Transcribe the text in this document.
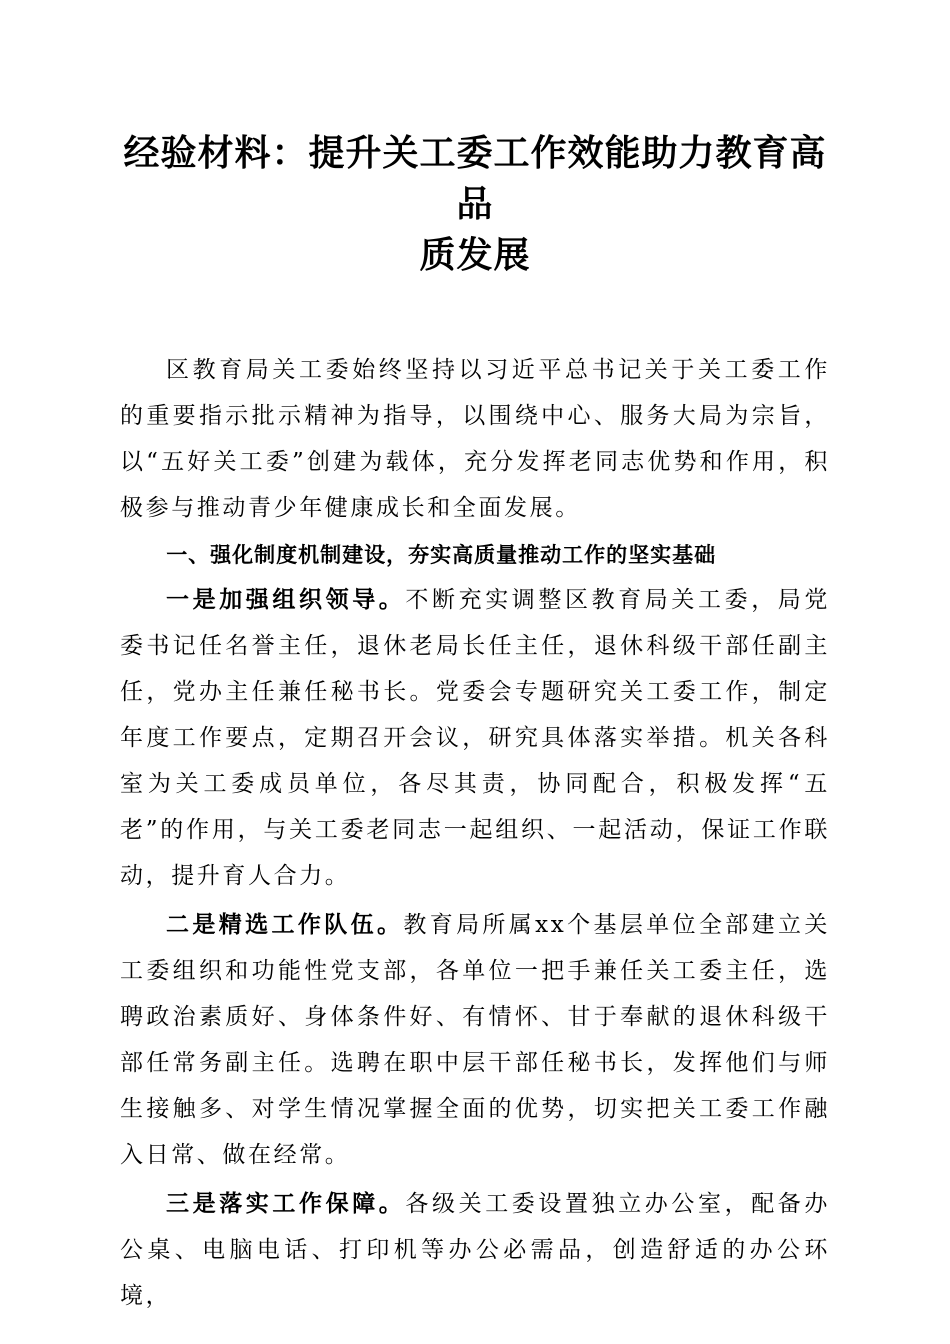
经验材料：提升关工委工作效能助力教育高品
质发展

区教育局关工委始终坚持以习近平总书记关于关工委工作的重要指示批示精神为指导，以围绕中心、服务大局为宗旨，以“五好关工委”创建为载体，充分发挥老同志优势和作用，积极参与推动青少年健康成长和全面发展。

一、强化制度机制建设，夯实高质量推动工作的坚实基础

一是加强组织领导。不断充实调整区教育局关工委，局党委书记任名誉主任，退休老局长任主任，退休科级干部任副主任，党办主任兼任秘书长。党委会专题研究关工委工作，制定年度工作要点，定期召开会议，研究具体落实举措。机关各科室为关工委成员单位，各尽其责，协同配合，积极发挥“五老”的作用，与关工委老同志一起组织、一起活动，保证工作联动，提升育人合力。

二是精选工作队伍。教育局所属xx个基层单位全部建立关工委组织和功能性党支部，各单位一把手兼任关工委主任，选聘政治素质好、身体条件好、有情怀、甘于奉献的退休科级干部任常务副主任。选聘在职中层干部任秘书长，发挥他们与师生接触多、对学生情况掌握全面的优势，切实把关工委工作融入日常、做在经常。

三是落实工作保障。各级关工委设置独立办公室，配备办公桌、电脑电话、打印机等办公必需品，创造舒适的办公环境，
